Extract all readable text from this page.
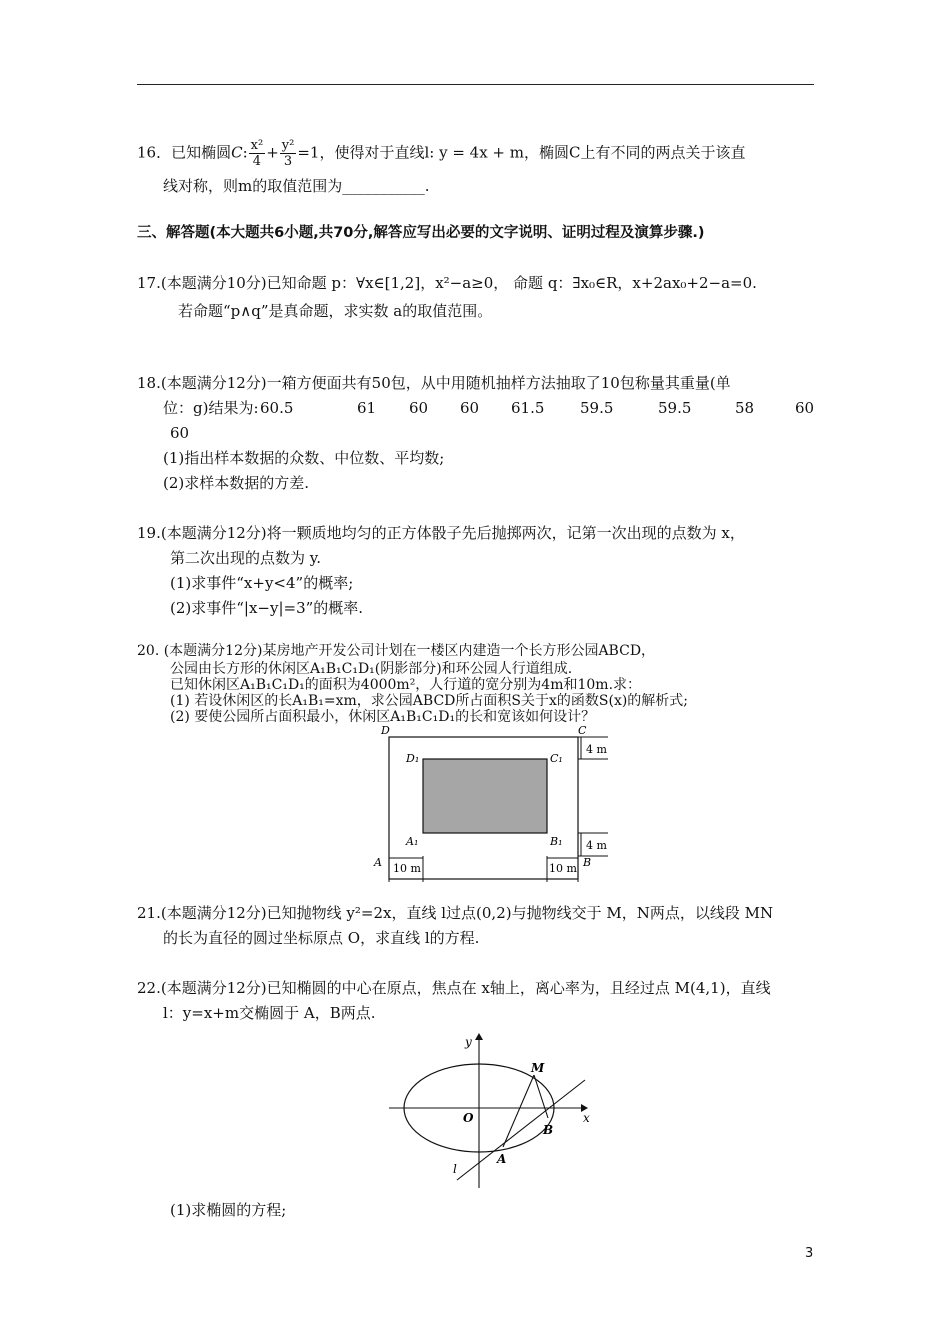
16．已知椭圆C: $\frac{\text{x²}}{4} + \frac{\text{y²}}{3} =1$，使得对于直线l: y = 4x + m，椭圆C上有不同的两点关于该直
线对称，则m的取值范围为___________.
三、解答题(本大题共6小题,共70分,解答应写出必要的文字说明、证明过程及演算步骤.)
17.(本题满分10分)已知命题 p：∀x∈[1,2]，x²−a≥0， 命题 q：∃x₀∈R，x+2ax₀+2−a=0.
若命题“p∧q”是真命题，求实数 a的取值范围。
18.(本题满分12分)一箱方便面共有50包，从中用随机抽样方法抽取了10包称量其重量(单
位：g)结果为: 60.5	61 60 60 61.5 59.5	59.5	58	60
60
(1)指出样本数据的众数、中位数、平均数;
(2)求样本数据的方差.
19.(本题满分12分)将一颗质地均匀的正方体骰子先后抛掷两次，记第一次出现的点数为 x，
第二次出现的点数为 y.
(1)求事件“x+y<4”的概率;
(2)求事件“|x−y|=3”的概率.
20. (本题满分12分)某房地产开发公司计划在一楼区内建造一个长方形公园ABCD，
公园由长方形的休闲区A₁B₁C₁D₁(阴影部分)和环公园人行道组成.
已知休闲区A₁B₁C₁D₁的面积为4000m²，人行道的宽分别为4m和10m.求：
(1) 若设休闲区的长A₁B₁=xm，求公园ABCD所占面积S关于x的函数S(x)的解析式;
(2) 要使公园所占面积最小，休闲区A₁B₁C₁D₁的长和宽该如何设计？
4 m
4 m
10 m	10 m
D	C
A	B
D₁	C₁
A₁	B₁
21.(本题满分12分)已知抛物线 y²=2x，直线 l过点(0,2)与抛物线交于 M，N两点，以线段 MN
的长为直径的圆过坐标原点 O，求直线 l的方程.
22.(本题满分12分)已知椭圆的中心在原点，焦点在 x轴上，离心率为，且经过点 M(4,1)，直线
l：y=x+m交椭圆于 A，B两点.
y
x
O
M
B
A
l
(1)求椭圆的方程;
3
